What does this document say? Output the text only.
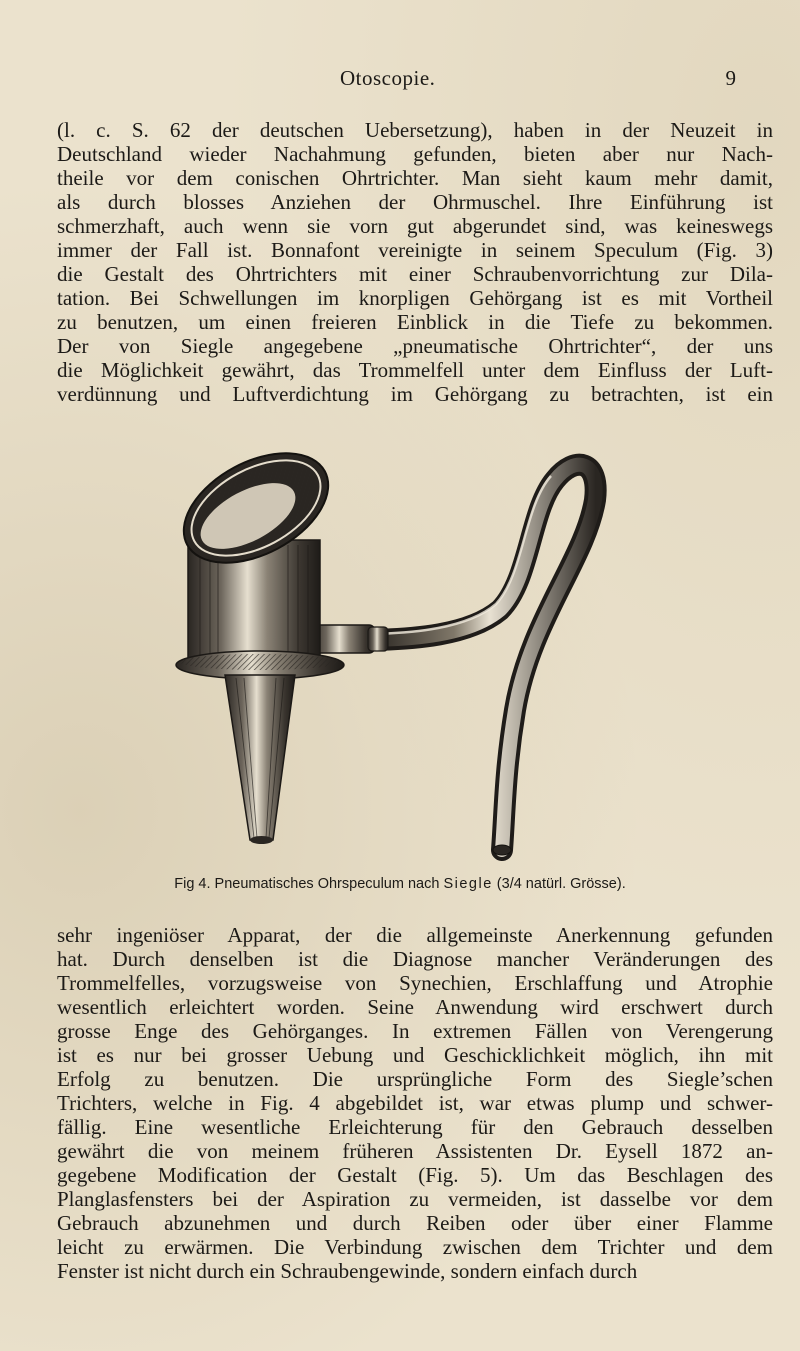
Otoscopie.	9
(l. c. S. 62 der deutschen Uebersetzung), haben in der Neuzeit in
Deutschland wieder Nachahmung gefunden, bieten aber nur Nach-
theile vor dem conischen Ohrtrichter. Man sieht kaum mehr damit,
als durch blosses Anziehen der Ohrmuschel. Ihre Einführung ist
schmerzhaft, auch wenn sie vorn gut abgerundet sind, was keineswegs
immer der Fall ist. Bonnafont vereinigte in seinem Speculum (Fig. 3)
die Gestalt des Ohrtrichters mit einer Schraubenvorrichtung zur Dila-
tation. Bei Schwellungen im knorpligen Gehörgang ist es mit Vortheil
zu benutzen, um einen freieren Einblick in die Tiefe zu bekommen.
Der von Siegle angegebene „pneumatische Ohrtrichter“, der uns
die Möglichkeit gewährt, das Trommelfell unter dem Einfluss der Luft-
verdünnung und Luftverdichtung im Gehörgang zu betrachten, ist ein
Fig 4. Pneumatisches Ohrspeculum nach Siegle (3/4 natürl. Grösse).
sehr ingeniöser Apparat, der die allgemeinste Anerkennung gefunden
hat. Durch denselben ist die Diagnose mancher Veränderungen des
Trommelfelles, vorzugsweise von Synechien, Erschlaffung und Atrophie
wesentlich erleichtert worden. Seine Anwendung wird erschwert durch
grosse Enge des Gehörganges. In extremen Fällen von Verengerung
ist es nur bei grosser Uebung und Geschicklichkeit möglich, ihn mit
Erfolg zu benutzen. Die ursprüngliche Form des Siegle’schen
Trichters, welche in Fig. 4 abgebildet ist, war etwas plump und schwer-
fällig. Eine wesentliche Erleichterung für den Gebrauch desselben
gewährt die von meinem früheren Assistenten Dr. Eysell 1872 an-
gegebene Modification der Gestalt (Fig. 5). Um das Beschlagen des
Planglasfensters bei der Aspiration zu vermeiden, ist dasselbe vor dem
Gebrauch abzunehmen und durch Reiben oder über einer Flamme
leicht zu erwärmen. Die Verbindung zwischen dem Trichter und dem
Fenster ist nicht durch ein Schraubengewinde, sondern einfach durch
